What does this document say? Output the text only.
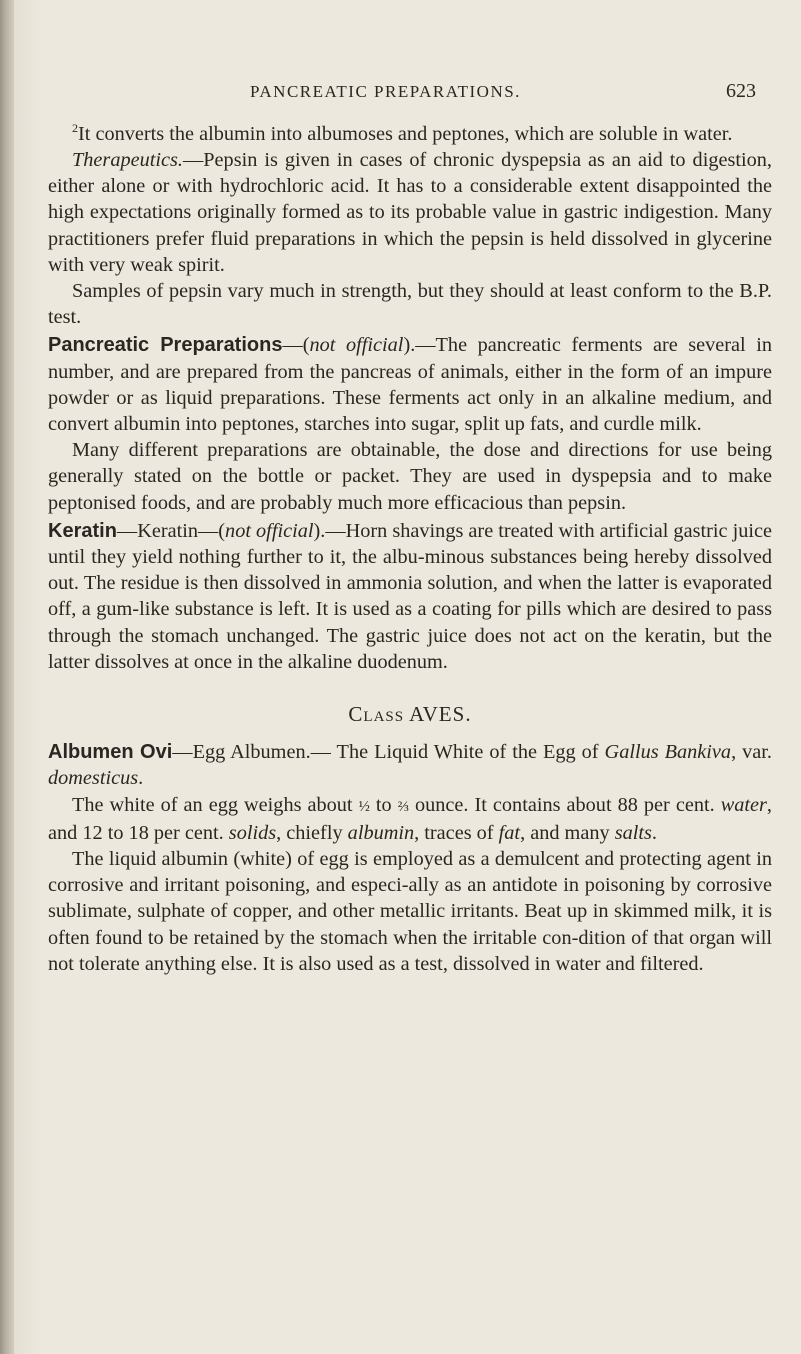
PANCREATIC PREPARATIONS.	623

$^2$It converts the albumin into albumoses and peptones, which are soluble in water.

Therapeutics.—Pepsin is given in cases of chronic dyspepsia as an aid to digestion, either alone or with hydrochloric acid. It has to a considerable extent disappointed the high expectations originally formed as to its probable value in gastric indigestion. Many practitioners prefer fluid preparations in which the pepsin is held dissolved in glycerine with very weak spirit.

Samples of pepsin vary much in strength, but they should at least conform to the B.P. test.

Pancreatic Preparations—(not official).—The pancreatic ferments are several in number, and are prepared from the pancreas of animals, either in the form of an impure powder or as liquid preparations. These ferments act only in an alkaline medium, and convert albumin into peptones, starches into sugar, split up fats, and curdle milk.

Many different preparations are obtainable, the dose and directions for use being generally stated on the bottle or packet. They are used in dyspepsia and to make peptonised foods, and are probably much more efficacious than pepsin.

Keratin—Keratin—(not official).—Horn shavings are treated with artificial gastric juice until they yield nothing further to it, the albu-minous substances being hereby dissolved out. The residue is then dissolved in ammonia solution, and when the latter is evaporated off, a gum-like substance is left. It is used as a coating for pills which are desired to pass through the stomach unchanged. The gastric juice does not act on the keratin, but the latter dissolves at once in the alkaline duodenum.

Class AVES.

Albumen Ovi—Egg Albumen.— The Liquid White of the Egg of Gallus Bankiva, var. domesticus.

The white of an egg weighs about ½ to ⅔ ounce. It contains about 88 per cent. water, and 12 to 18 per cent. solids, chiefly albumin, traces of fat, and many salts.

The liquid albumin (white) of egg is employed as a demulcent and protecting agent in corrosive and irritant poisoning, and especi-ally as an antidote in poisoning by corrosive sublimate, sulphate of copper, and other metallic irritants. Beat up in skimmed milk, it is often found to be retained by the stomach when the irritable con-dition of that organ will not tolerate anything else. It is also used as a test, dissolved in water and filtered.
